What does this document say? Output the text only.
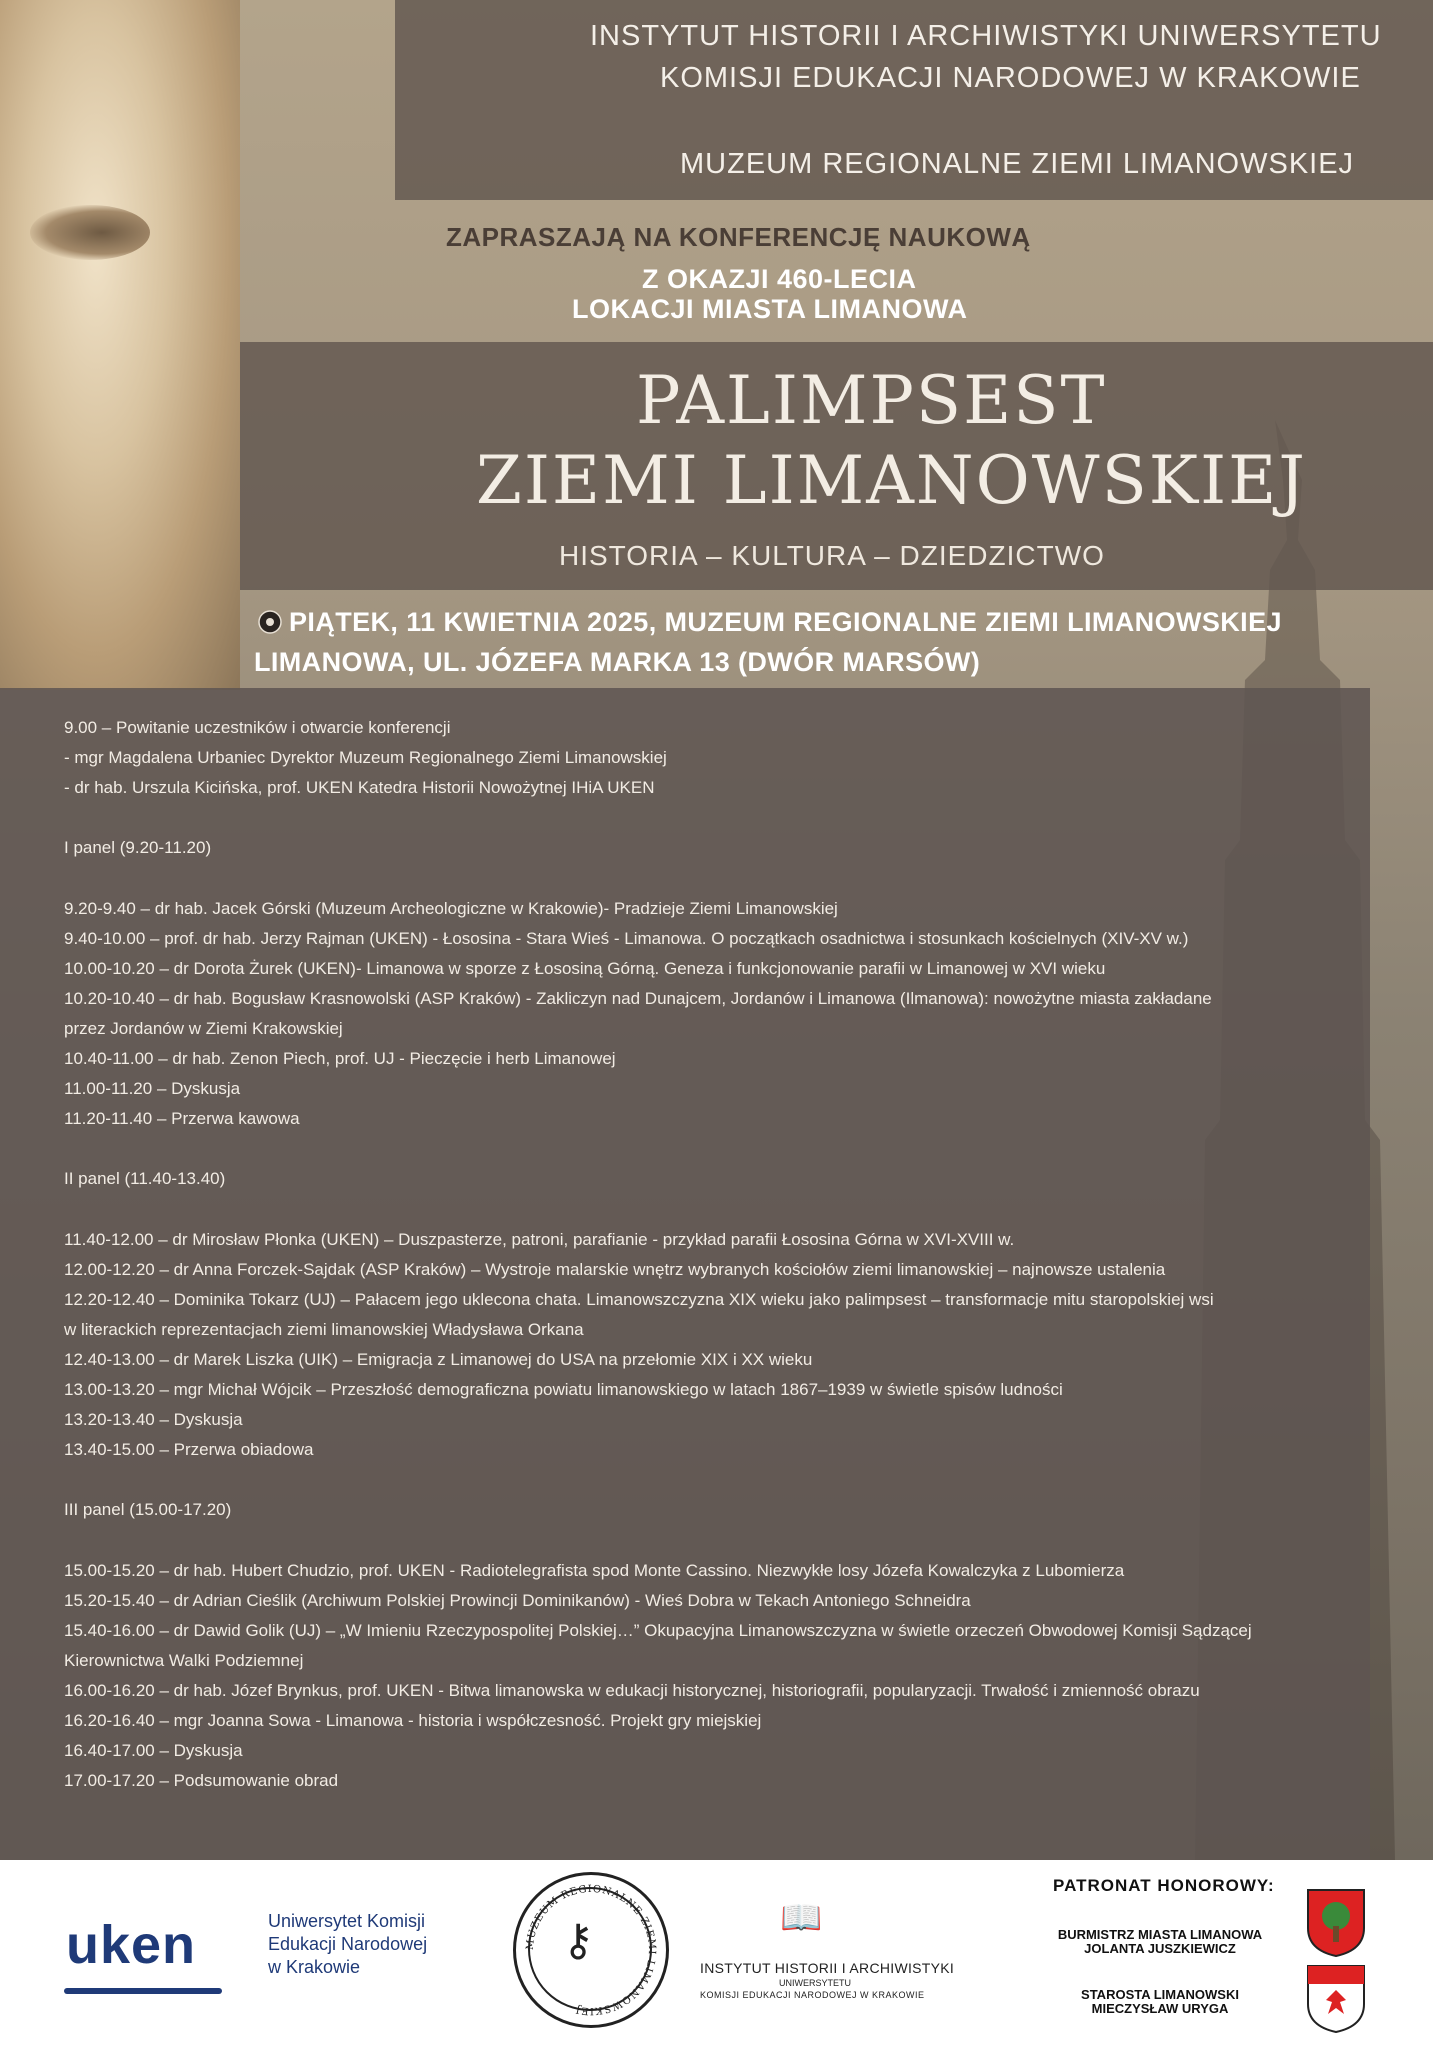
INSTYTUT HISTORII I ARCHIWISTYKI UNIWERSYTETU
KOMISJI EDUKACJI NARODOWEJ W KRAKOWIE
MUZEUM REGIONALNE ZIEMI LIMANOWSKIEJ
ZAPRASZAJĄ NA KONFERENCJĘ NAUKOWĄ
Z OKAZJI 460-LECIA
LOKACJI MIASTA LIMANOWA
PALIMPSEST
ZIEMI LIMANOWSKIEJ
HISTORIA – KULTURA – DZIEDZICTWO
PIĄTEK, 11 KWIETNIA 2025, MUZEUM REGIONALNE ZIEMI LIMANOWSKIEJ
LIMANOWA, UL. JÓZEFA MARKA 13 (DWÓR MARSÓW)
9.00 – Powitanie uczestników i otwarcie konferencji
- mgr Magdalena Urbaniec Dyrektor Muzeum Regionalnego Ziemi Limanowskiej
- dr hab. Urszula Kicińska, prof. UKEN Katedra Historii Nowożytnej IHiA UKEN
I panel (9.20-11.20)
9.20-9.40 – dr hab. Jacek Górski (Muzeum Archeologiczne w Krakowie)- Pradzieje Ziemi Limanowskiej
9.40-10.00 – prof. dr hab. Jerzy Rajman (UKEN) - Łososina - Stara Wieś - Limanowa. O początkach osadnictwa i stosunkach kościelnych (XIV-XV w.)
10.00-10.20 – dr Dorota Żurek (UKEN)- Limanowa w sporze z Łososiną Górną. Geneza i funkcjonowanie parafii w Limanowej w XVI wieku
10.20-10.40 – dr hab. Bogusław Krasnowolski (ASP Kraków) - Zakliczyn nad Dunajcem, Jordanów i Limanowa (Ilmanowa): nowożytne miasta zakładane
przez Jordanów w Ziemi Krakowskiej
10.40-11.00 – dr hab. Zenon Piech, prof. UJ - Pieczęcie i herb Limanowej
11.00-11.20 – Dyskusja
11.20-11.40 – Przerwa kawowa
II panel (11.40-13.40)
11.40-12.00 – dr Mirosław Płonka (UKEN) – Duszpasterze, patroni, parafianie - przykład parafii Łososina Górna w XVI-XVIII w.
12.00-12.20 – dr Anna Forczek-Sajdak (ASP Kraków) – Wystroje malarskie wnętrz wybranych kościołów ziemi limanowskiej – najnowsze ustalenia
12.20-12.40 – Dominika Tokarz (UJ) – Pałacem jego uklecona chata. Limanowszczyzna XIX wieku jako palimpsest – transformacje mitu staropolskiej wsi
w literackich reprezentacjach ziemi limanowskiej Władysława Orkana
12.40-13.00 – dr Marek Liszka (UIK) – Emigracja z Limanowej do USA na przełomie XIX i XX wieku
13.00-13.20 – mgr Michał Wójcik – Przeszłość demograficzna powiatu limanowskiego w latach 1867–1939 w świetle spisów ludności
13.20-13.40 – Dyskusja
13.40-15.00 – Przerwa obiadowa
III panel (15.00-17.20)
15.00-15.20 – dr hab. Hubert Chudzio, prof. UKEN - Radiotelegrafista spod Monte Cassino. Niezwykłe losy Józefa Kowalczyka z Lubomierza
15.20-15.40 – dr Adrian Cieślik (Archiwum Polskiej Prowincji Dominikanów) - Wieś Dobra w Tekach Antoniego Schneidra
15.40-16.00 – dr Dawid Golik (UJ) – „W Imieniu Rzeczypospolitej Polskiej…” Okupacyjna Limanowszczyzna w świetle orzeczeń Obwodowej Komisji Sądzącej
Kierownictwa Walki Podziemnej
16.00-16.20 – dr hab. Józef Brynkus, prof. UKEN - Bitwa limanowska w edukacji historycznej, historiografii, popularyzacji. Trwałość i zmienność obrazu
16.20-16.40 – mgr Joanna Sowa - Limanowa - historia i współczesność. Projekt gry miejskiej
16.40-17.00 – Dyskusja
17.00-17.20 – Podsumowanie obrad
uken	Uniwersytet Komisji
Edukacji Narodowej
w Krakowie
⚷
MUZEUM REGIONALNE ZIEMI LIMANOWSKIEJ
📖
INSTYTUT HISTORII I ARCHIWISTYKI
UNIWERSYTETU
KOMISJI EDUKACJI NARODOWEJ W KRAKOWIE
PATRONAT HONOROWY:
BURMISTRZ MIASTA LIMANOWA
JOLANTA JUSZKIEWICZ
STAROSTA LIMANOWSKI
MIECZYSŁAW URYGA
